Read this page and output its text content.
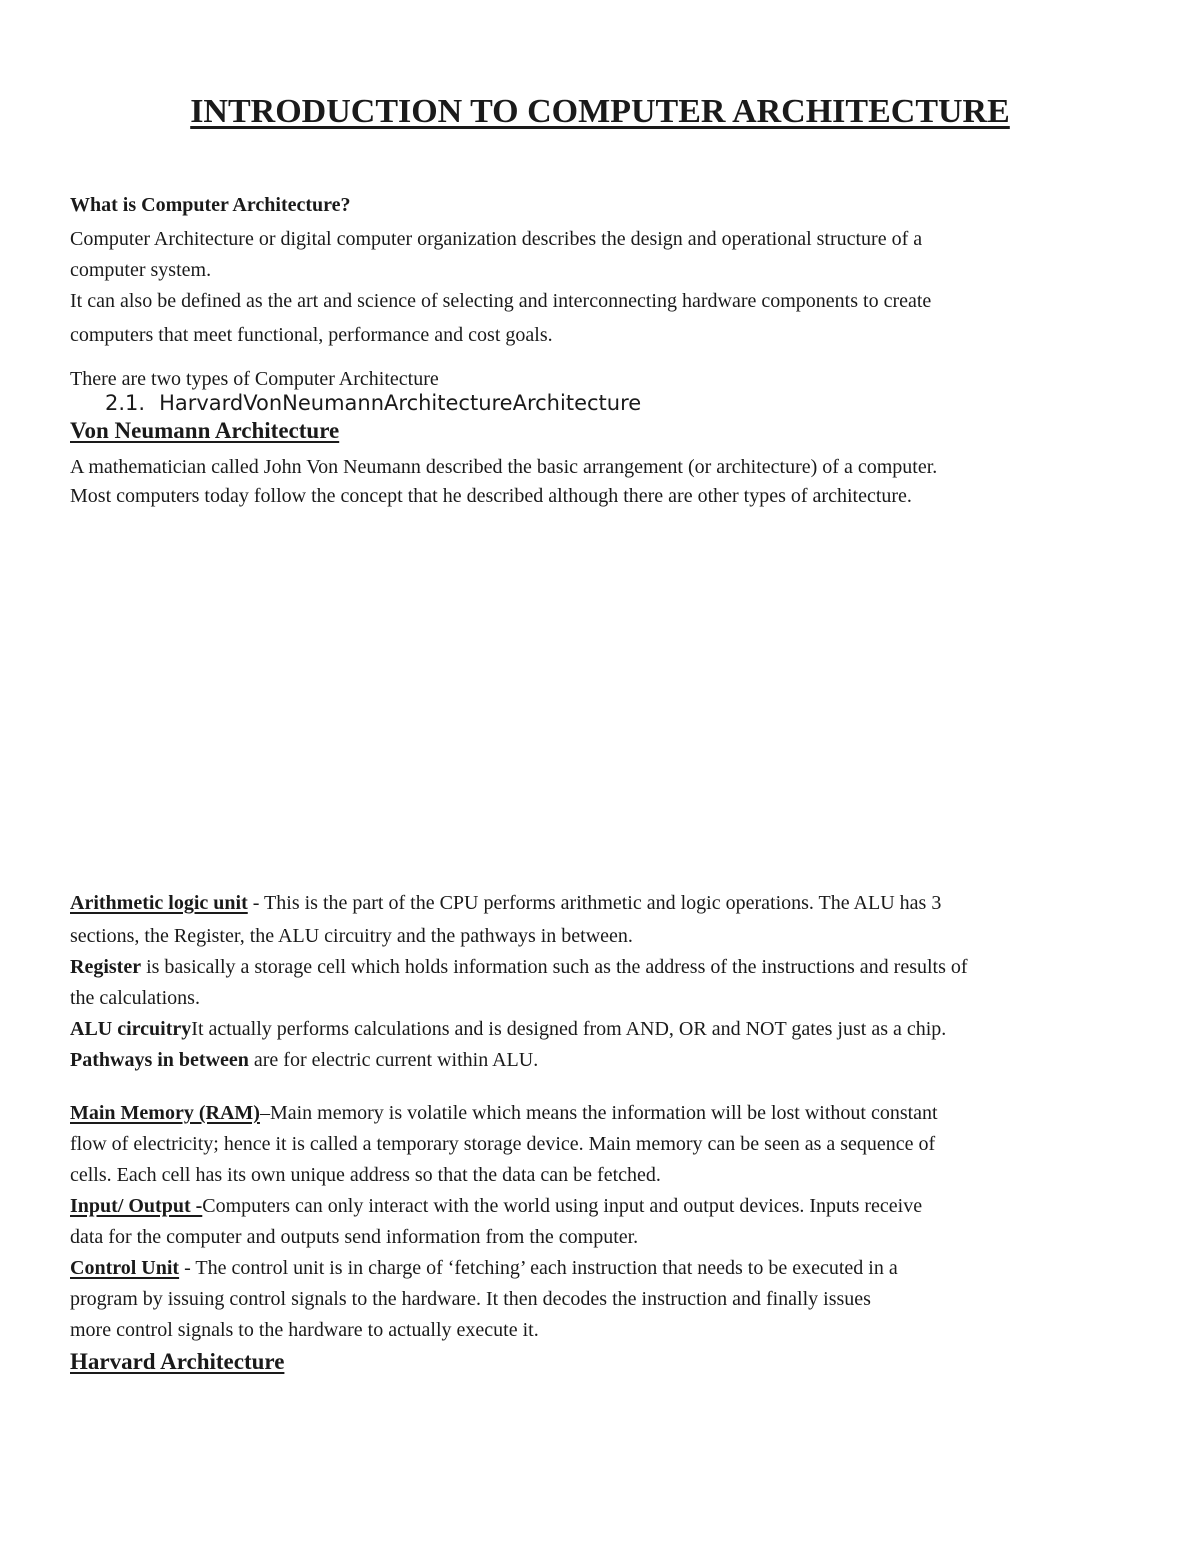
INTRODUCTION TO COMPUTER ARCHITECTURE
What is Computer Architecture?
Computer Architecture or digital computer organization describes the design and operational structure of a
computer system.
It can also be defined as the art and science of selecting and interconnecting hardware components to create
computers that meet functional, performance and cost goals.
There are two types of Computer Architecture
2.1. HarvardVonNeumannArchitectureArchitecture
Von Neumann Architecture
A mathematician called John Von Neumann described the basic arrangement (or architecture) of a computer.
Most computers today follow the concept that he described although there are other types of architecture.
Arithmetic logic unit - This is the part of the CPU performs arithmetic and logic operations. The ALU has 3
sections, the Register, the ALU circuitry and the pathways in between.
Register is basically a storage cell which holds information such as the address of the instructions and results of
the calculations.
ALU circuitryIt actually performs calculations and is designed from AND, OR and NOT gates just as a chip.
Pathways in between are for electric current within ALU.
Main Memory (RAM)–Main memory is volatile which means the information will be lost without constant
flow of electricity; hence it is called a temporary storage device. Main memory can be seen as a sequence of
cells. Each cell has its own unique address so that the data can be fetched.
Input/ Output -Computers can only interact with the world using input and output devices. Inputs receive
data for the computer and outputs send information from the computer.
Control Unit - The control unit is in charge of ‘fetching’ each instruction that needs to be executed in a
program by issuing control signals to the hardware. It then decodes the instruction and finally issues
more control signals to the hardware to actually execute it.
Harvard Architecture
